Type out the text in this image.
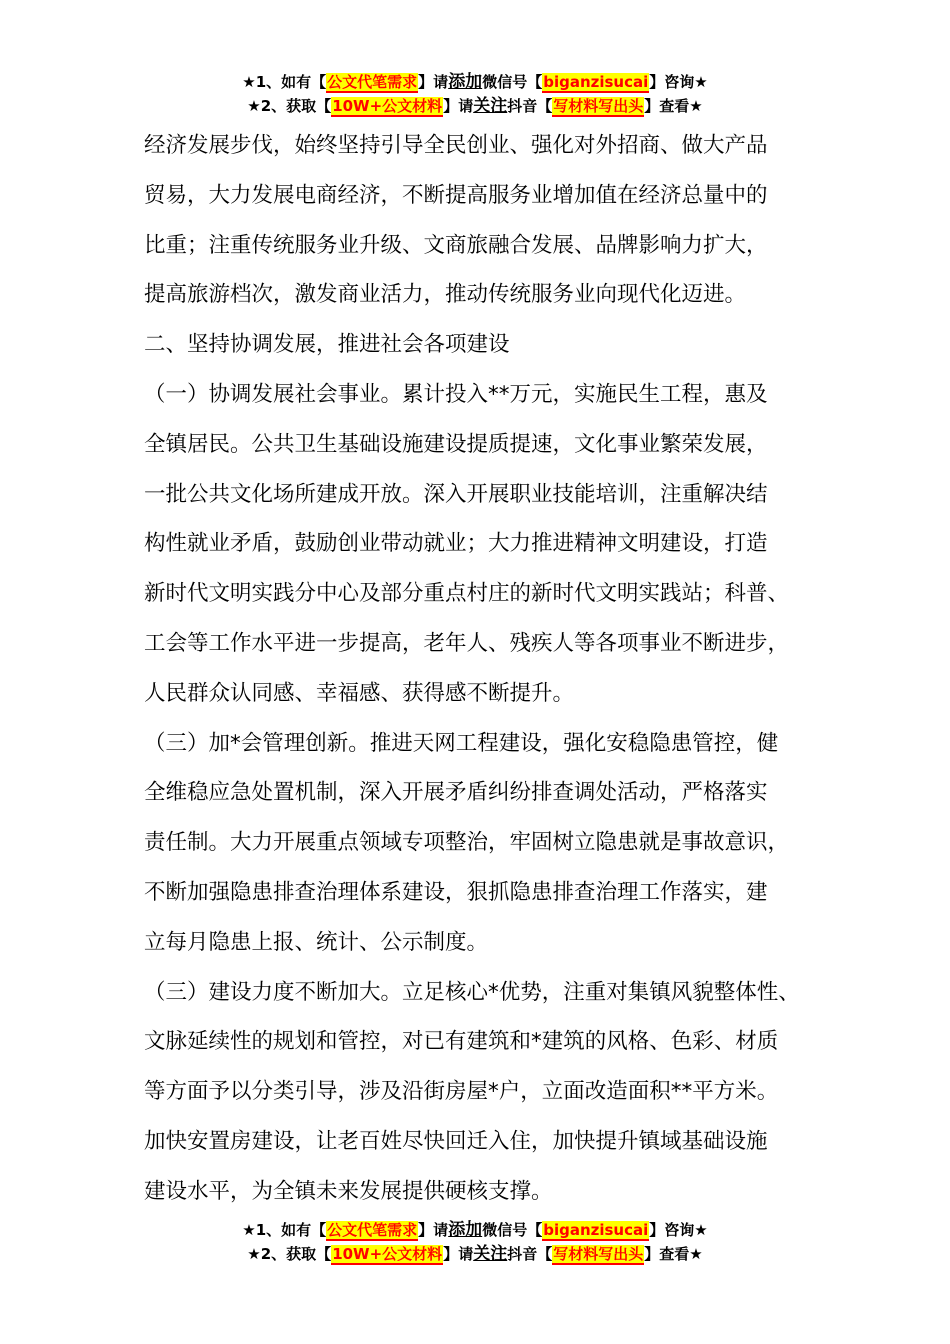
★1、如有【公文代笔需求】请添加微信号【biganzisucai】咨询★
★2、获取【10W+公文材料】请关注抖音【写材料写出头】查看★
经济发展步伐，始终坚持引导全民创业、强化对外招商、做大产品
贸易，大力发展电商经济，不断提高服务业增加值在经济总量中的
比重；注重传统服务业升级、文商旅融合发展、品牌影响力扩大，
提高旅游档次，激发商业活力，推动传统服务业向现代化迈进。
二、坚持协调发展，推进社会各项建设
（一）协调发展社会事业。累计投入**万元，实施民生工程，惠及
全镇居民。公共卫生基础设施建设提质提速，文化事业繁荣发展，
一批公共文化场所建成开放。深入开展职业技能培训，注重解决结
构性就业矛盾，鼓励创业带动就业；大力推进精神文明建设，打造
新时代文明实践分中心及部分重点村庄的新时代文明实践站；科普、
工会等工作水平进一步提高，老年人、残疾人等各项事业不断进步，
人民群众认同感、幸福感、获得感不断提升。
（三）加*会管理创新。推进天网工程建设，强化安稳隐患管控，健
全维稳应急处置机制，深入开展矛盾纠纷排查调处活动，严格落实
责任制。大力开展重点领域专项整治，牢固树立隐患就是事故意识，
不断加强隐患排查治理体系建设，狠抓隐患排查治理工作落实，建
立每月隐患上报、统计、公示制度。
（三）建设力度不断加大。立足核心*优势，注重对集镇风貌整体性、
文脉延续性的规划和管控，对已有建筑和*建筑的风格、色彩、材质
等方面予以分类引导，涉及沿街房屋*户，立面改造面积**平方米。
加快安置房建设，让老百姓尽快回迁入住，加快提升镇域基础设施
建设水平，为全镇未来发展提供硬核支撑。
★1、如有【公文代笔需求】请添加微信号【biganzisucai】咨询★
★2、获取【10W+公文材料】请关注抖音【写材料写出头】查看★
